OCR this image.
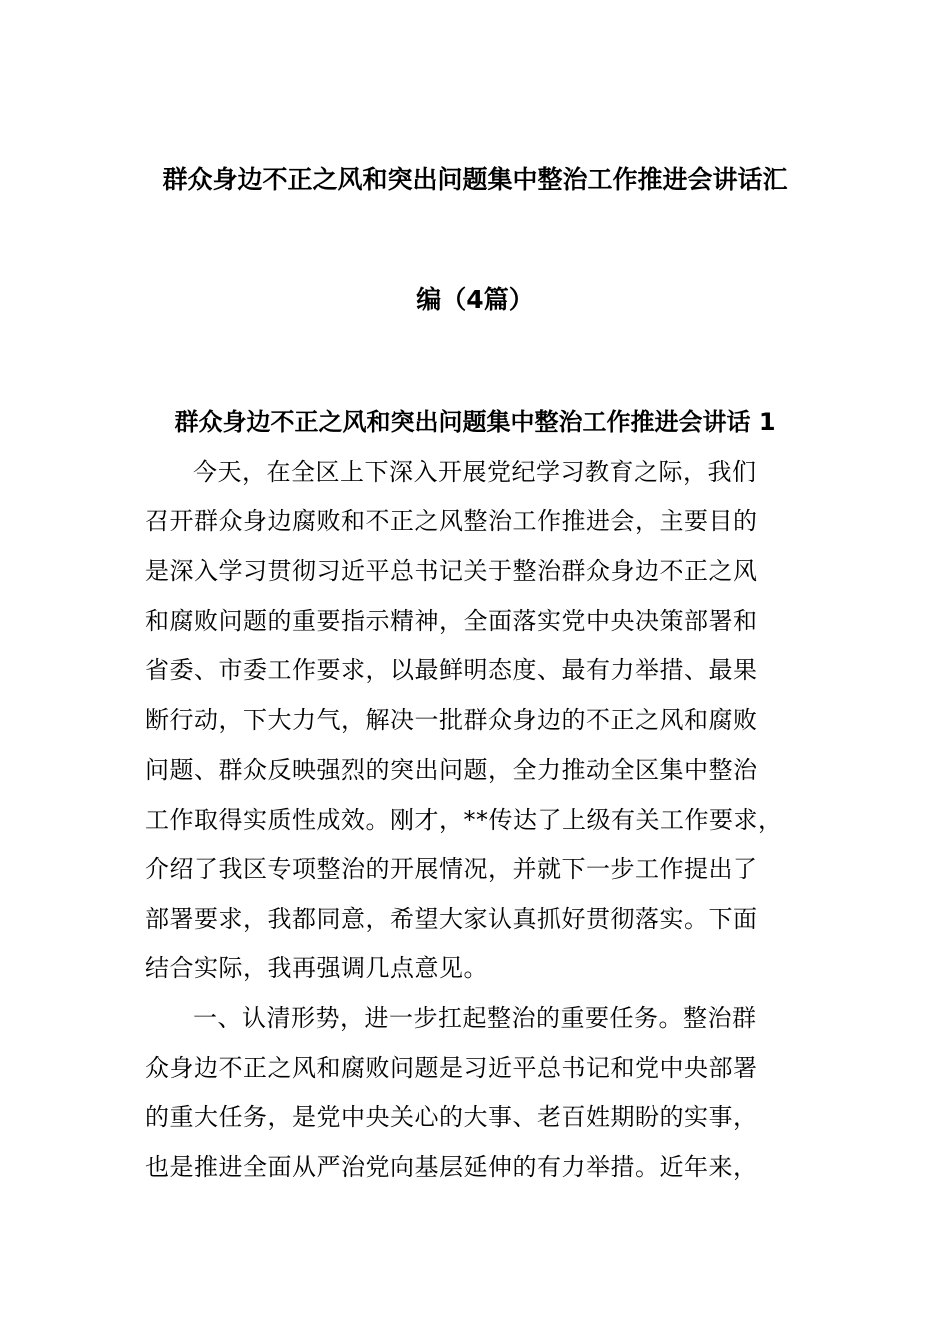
群众身边不正之风和突出问题集中整治工作推进会讲话汇
编（4篇）
群众身边不正之风和突出问题集中整治工作推进会讲话 1
今天，在全区上下深入开展党纪学习教育之际，我们
召开群众身边腐败和不正之风整治工作推进会，主要目的
是深入学习贯彻习近平总书记关于整治群众身边不正之风
和腐败问题的重要指示精神，全面落实党中央决策部署和
省委、市委工作要求，以最鲜明态度、最有力举措、最果
断行动，下大力气，解决一批群众身边的不正之风和腐败
问题、群众反映强烈的突出问题，全力推动全区集中整治
工作取得实质性成效。刚才，**传达了上级有关工作要求，
介绍了我区专项整治的开展情况，并就下一步工作提出了
部署要求，我都同意，希望大家认真抓好贯彻落实。下面
结合实际，我再强调几点意见。
一、认清形势，进一步扛起整治的重要任务。整治群
众身边不正之风和腐败问题是习近平总书记和党中央部署
的重大任务，是党中央关心的大事、老百姓期盼的实事，
也是推进全面从严治党向基层延伸的有力举措。近年来，
